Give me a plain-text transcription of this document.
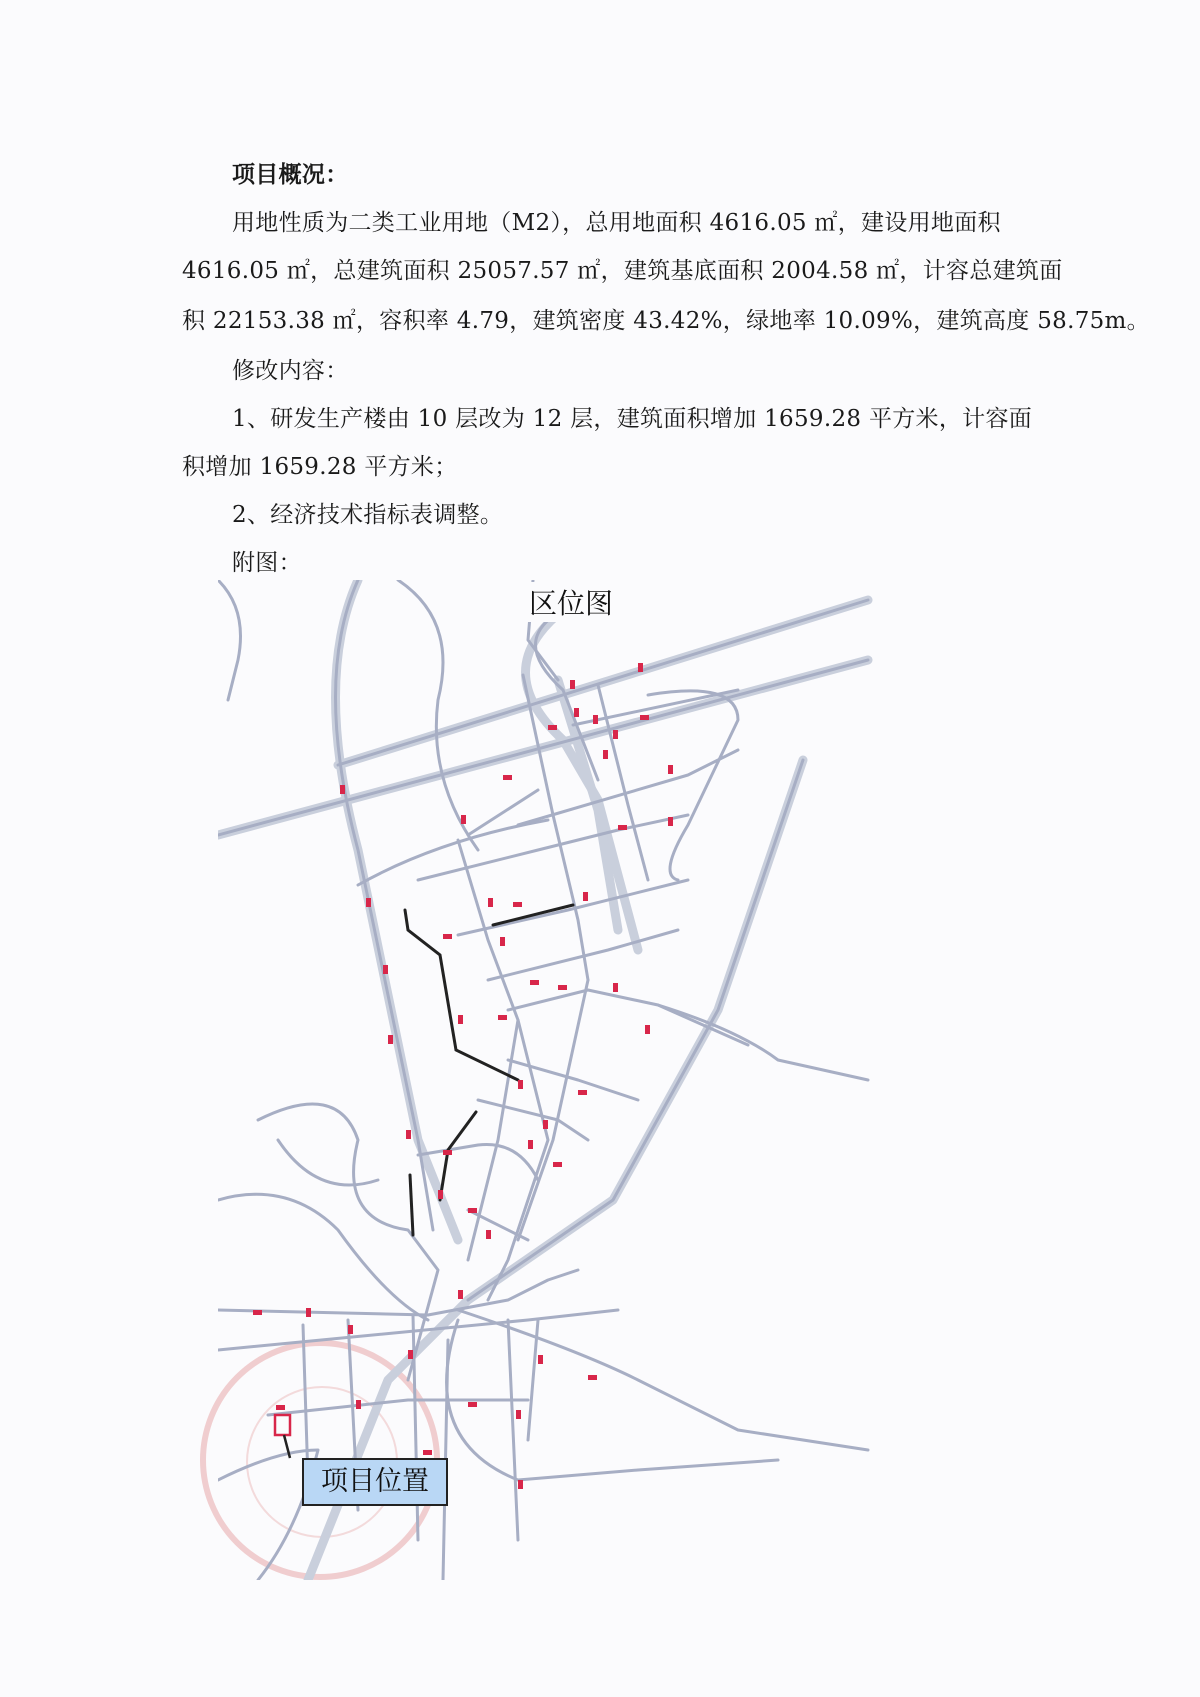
项目概况：
用地性质为二类工业用地（M2），总用地面积 4616.05 ㎡，建设用地面积
4616.05 ㎡，总建筑面积 25057.57 ㎡，建筑基底面积 2004.58 ㎡，计容总建筑面
积 22153.38 ㎡，容积率 4.79，建筑密度 43.42%，绿地率 10.09%，建筑高度 58.75m。
修改内容：
1、研发生产楼由 10 层改为 12 层，建筑面积增加 1659.28 平方米，计容面
积增加 1659.28 平方米；
2、经济技术指标表调整。
附图：
区位图
项目位置
